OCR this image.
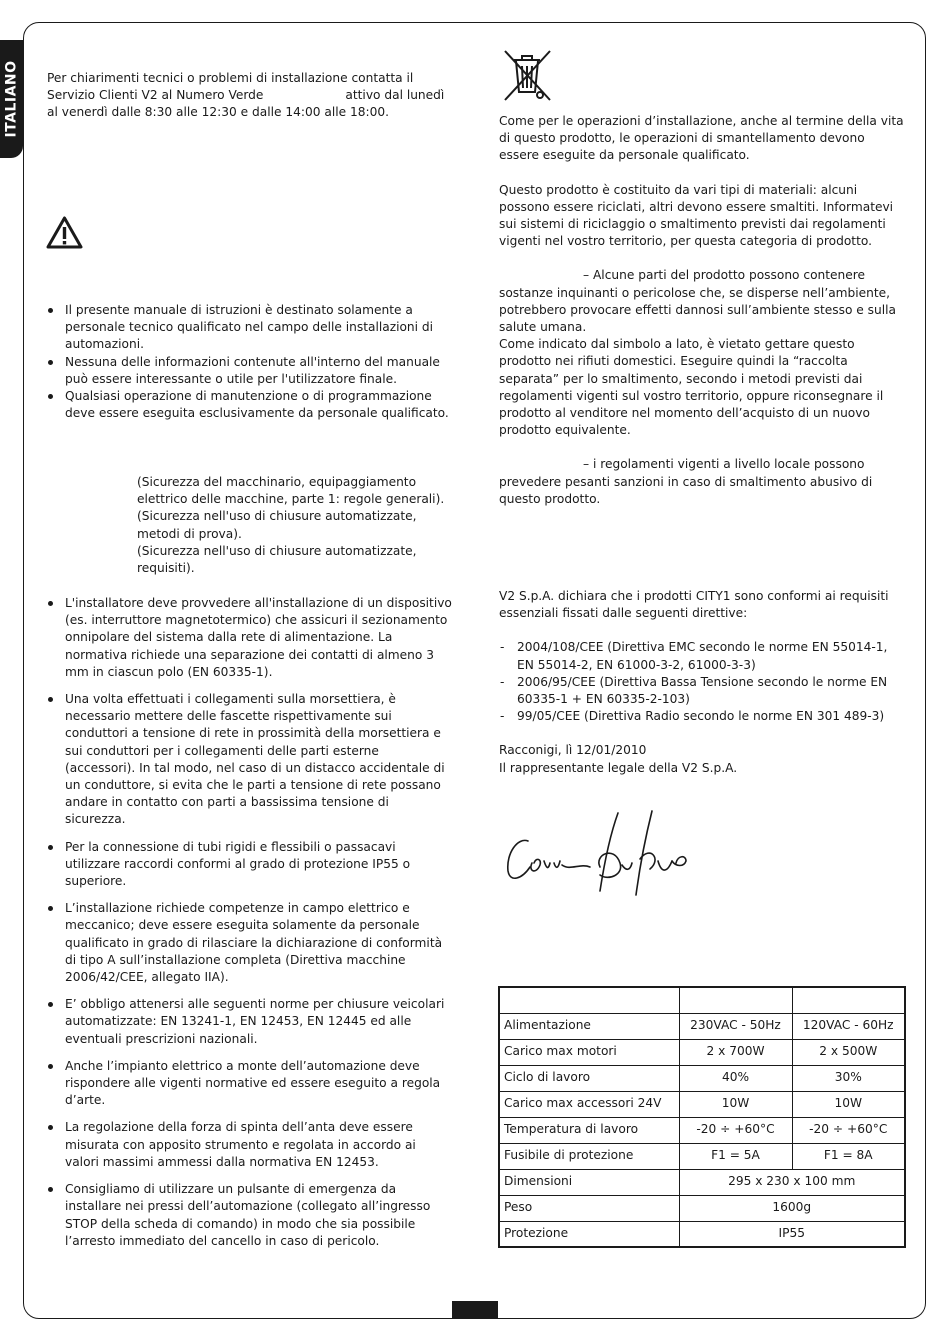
ITALIANO Per chiarimenti tecnici o problemi di installazione contatta il Servizio Clienti V2 al Numero Verde	attivo dal lunedì al venerdì dalle 8:30 alle 12:30 e dalle 14:00 alle 18:00.

Il presente manuale di istruzioni è destinato solamente a personale tecnico qualificato nel campo delle installazioni di automazioni.
Nessuna delle informazioni contenute all'interno del manuale può essere interessante o utile per l'utilizzatore finale.
Qualsiasi operazione di manutenzione o di programmazione deve essere eseguita esclusivamente da personale qualificato.
(Sicurezza del macchinario, equipaggiamento elettrico delle macchine, parte 1: regole generali).
(Sicurezza nell'uso di chiusure automatizzate, metodi di prova).
(Sicurezza nell'uso di chiusure automatizzate, requisiti).
L'installatore deve provvedere all'installazione di un dispositivo (es. interruttore magnetotermico) che assicuri il sezionamento onnipolare del sistema dalla rete di alimentazione. La normativa richiede una separazione dei contatti di almeno 3 mm in ciascun polo (EN 60335-1).
Una volta effettuati i collegamenti sulla morsettiera, è necessario mettere delle fascette rispettivamente sui conduttori a tensione di rete in prossimità della morsettiera e sui conduttori per i collegamenti delle parti esterne (accessori). In tal modo, nel caso di un distacco accidentale di un conduttore, si evita che le parti a tensione di rete possano andare in contatto con parti a bassissima tensione di sicurezza.
Per la connessione di tubi rigidi e flessibili o passacavi utilizzare raccordi conformi al grado di protezione IP55 o superiore.
L’installazione richiede competenze in campo elettrico e meccanico; deve essere eseguita solamente da personale qualificato in grado di rilasciare la dichiarazione di conformità di tipo A sull’installazione completa (Direttiva macchine 2006/42/CEE, allegato IIA).
E’ obbligo attenersi alle seguenti norme per chiusure veicolari automatizzate: EN 13241-1, EN 12453, EN 12445 ed alle eventuali prescrizioni nazionali.
Anche l’impianto elettrico a monte dell’automazione deve rispondere alle vigenti normative ed essere eseguito a regola d’arte.
La regolazione della forza di spinta dell’anta deve essere misurata con apposito strumento e regolata in accordo ai valori massimi ammessi dalla normativa EN 12453.
Consigliamo di utilizzare un pulsante di emergenza da installare nei pressi dell’automazione (collegato all’ingresso STOP della scheda di comando) in modo che sia possibile l’arresto immediato del cancello in caso di pericolo.

Come per le operazioni d’installazione, anche al termine della vita di questo prodotto, le operazioni di smantellamento devono essere eseguite da personale qualificato.

Questo prodotto è costituito da vari tipi di materiali: alcuni possono essere riciclati, altri devono essere smaltiti. Informatevi sui sistemi di riciclaggio o smaltimento previsti dai regolamenti vigenti nel vostro territorio, per questa categoria di prodotto.

– Alcune parti del prodotto possono contenere sostanze inquinanti o pericolose che, se disperse nell’ambiente, potrebbero provocare effetti dannosi sull’ambiente stesso e sulla salute umana.

Come indicato dal simbolo a lato, è vietato gettare questo prodotto nei rifiuti domestici. Eseguire quindi la “raccolta separata” per lo smaltimento, secondo i metodi previsti dai regolamenti vigenti sul vostro territorio, oppure riconsegnare il prodotto al venditore nel momento dell’acquisto di un nuovo prodotto equivalente.

– i regolamenti vigenti a livello locale possono prevedere pesanti sanzioni in caso di smaltimento abusivo di questo prodotto.

V2 S.p.A. dichiara che i prodotti CITY1 sono conformi ai requisiti essenziali fissati dalle seguenti direttive:

- 2004/108/CEE (Direttiva EMC secondo le norme EN 55014-1, EN 55014-2, EN 61000-3-2, 61000-3-3)
- 2006/95/CEE (Direttiva Bassa Tensione secondo le norme EN 60335-1 + EN 60335-2-103)
- 99/05/CEE (Direttiva Radio secondo le norme EN 301 489-3)

Racconigi, lì 12/01/2010

Il rappresentante legale della V2 S.p.A.

Alimentazione	230VAC - 50Hz	120VAC - 60Hz
Carico max motori	2 x 700W	2 x 500W
Ciclo di lavoro	40%	30%
Carico max accessori 24V	10W	10W
Temperatura di lavoro	-20 ÷ +60°C	-20 ÷ +60°C
Fusibile di protezione	F1 = 5A	F1 = 8A
Dimensioni	295 x 230 x 100 mm	
Peso	1600g	
Protezione	IP55	
